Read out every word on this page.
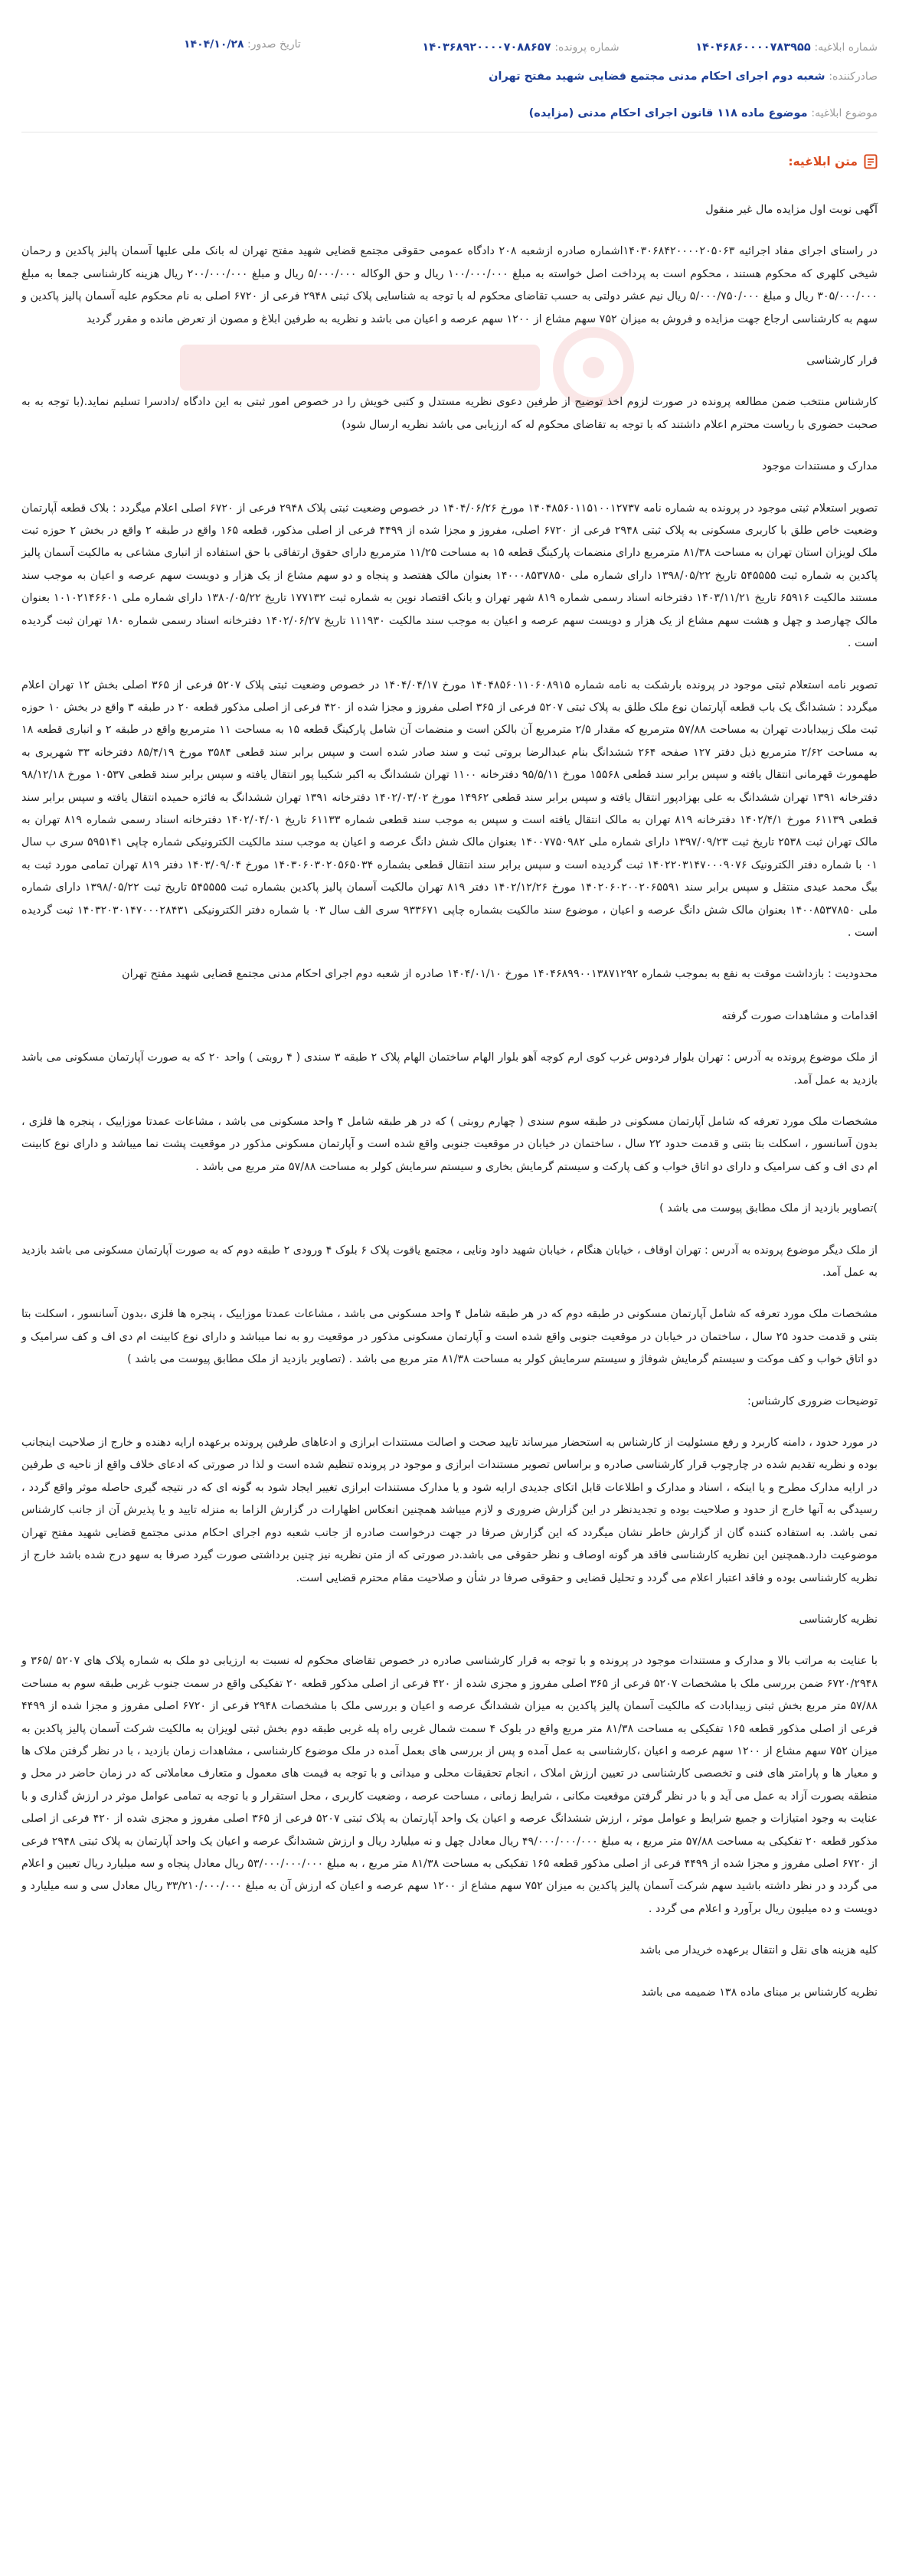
شماره ابلاغیه: ۱۴۰۴۶۸۶۰۰۰۰۷۸۳۹۵۵  شماره پرونده: ۱۴۰۳۶۸۹۲۰۰۰۰۷۰۸۸۶۵۷
تاریخ صدور: ۱۴۰۴/۱۰/۲۸
صادرکننده: شعبه دوم اجرای احکام مدنی مجتمع قضایی شهید مفتح تهران
موضوع ابلاغیه: موضوع ماده ۱۱۸ قانون اجرای احکام مدنی (مزایده)
متن ابلاغیه:

آگهی نوبت اول مزایده مال غیر منقول

در راستای اجرای مفاد اجرائیه ۱۴۰۳۰۶۸۴۲۰۰۰۰۲۰۵۰۶۳اشماره صادره ازشعبه ۲۰۸ دادگاه عمومی حقوقی مجتمع قضایی شهید مفتح تهران له بانک ملی علیها آسمان پالیز پاکدین و رحمان شیخی کلهری که محکوم هستند ، محکوم است به پرداخت اصل خواسته به مبلغ ۱۰۰/۰۰۰/۰۰۰ ریال و حق الوکاله ۵/۰۰۰/۰۰۰ ریال و مبلغ ۲۰۰/۰۰۰/۰۰۰ ریال هزینه کارشناسی جمعا به مبلغ ۳۰۵/۰۰۰/۰۰۰ ریال و مبلغ ۵/۰۰۰/۷۵۰/۰۰۰ ریال نیم عشر دولتی به حسب تقاضای محکوم له با توجه به شناسایی پلاک ثبتی ۲۹۴۸ فرعی از ۶۷۲۰ اصلی به نام محکوم علیه آسمان پالیز پاکدین و سهم به کارشناسی ارجاع جهت مزایده و فروش به میزان ۷۵۲ سهم مشاع از ۱۲۰۰ سهم عرصه و اعیان می باشد و نظریه به طرفین ابلاغ و مصون از تعرض مانده و مقرر گردید

قرار کارشناسی

کارشناس منتخب ضمن مطالعه پرونده در صورت لزوم اخذ توضیح از طرفین دعوی نظریه مستدل و کتبی خویش را در خصوص امور ثبتی به این دادگاه /دادسرا تسلیم نماید.(با توجه به به صحبت حضوری با ریاست محترم اعلام داشتند که با توجه به تقاضای محکوم له که ارزیابی می باشد نظریه ارسال شود)

مدارک و مستندات موجود

تصویر استعلام ثبتی موجود در پرونده به شماره نامه ۱۴۰۴۸۵۶۰۱۱۵۱۰۰۱۲۷۳۷ مورخ ۱۴۰۴/۰۶/۲۶ در خصوص وضعیت ثبتی پلاک ۲۹۴۸ فرعی از ۶۷۲۰ اصلی اعلام میگردد : بلاک قطعه آپارتمان وضعیت خاص طلق با کاربری مسکونی به پلاک ثبتی ۲۹۴۸ فرعی از ۶۷۲۰ اصلی، مفروز و مجزا شده از ۴۴۹۹ فرعی از اصلی مذکور، قطعه ۱۶۵ واقع در طبقه ۲ واقع در بخش ۲ حوزه ثبت ملک لویزان استان تهران به مساحت ۸۱/۳۸ مترمربع دارای منضمات پارکینگ قطعه ۱۵ به مساحت ۱۱/۲۵ مترمربع دارای حقوق ارتفاقی با حق استفاده از انباری مشاعی به مالکیت آسمان پالیز پاکدین به شماره ثبت ۵۴۵۵۵۵ تاریخ ۱۳۹۸/۰۵/۲۲ دارای شماره ملی ۱۴۰۰۰۸۵۳۷۸۵۰ بعنوان مالک هفتصد و پنجاه و دو سهم مشاع از یک هزار و دویست سهم عرصه و اعیان به موجب سند مستند مالکیت ۶۵۹۱۶ تاریخ ۱۴۰۳/۱۱/۲۱ دفترخانه اسناد رسمی شماره ۸۱۹ شهر تهران و بانک اقتصاد نوین به شماره ثبت ۱۷۷۱۳۲ تاریخ ۱۳۸۰/۰۵/۲۲ دارای شماره ملی ۱۰۱۰۲۱۴۶۶۰۱ بعنوان مالک چهارصد و چهل و هشت سهم مشاع از یک هزار و دویست سهم عرصه و اعیان به موجب سند مالکیت ۱۱۱۹۳۰ تاریخ ۱۴۰۲/۰۶/۲۷ دفترخانه اسناد رسمی شماره ۱۸۰ تهران ثبت گردیده است .

تصویر نامه استعلام ثبتی موجود در پرونده بارشکت به نامه شماره ۱۴۰۴۸۵۶۰۱۱۰۶۰۸۹۱۵ مورخ ۱۴۰۴/۰۴/۱۷ در خصوص وضعیت ثبتی پلاک ۵۲۰۷ فرعی از ۳۶۵ اصلی بخش ۱۲ تهران اعلام میگردد : ششدانگ یک باب قطعه آپارتمان نوع ملک طلق به پلاک ثبتی ۵۲۰۷ فرعی از ۳۶۵ اصلی مفروز و مجزا شده از ۴۲۰ فرعی از اصلی مذکور قطعه ۲۰ در طبقه ۳ واقع در بخش ۱۰ حوزه ثبت ملک زبیدابادت تهران به مساحت ۵۷/۸۸ مترمربع که مقدار ۲/۵ مترمربع آن بالکن است و منضمات آن شامل پارکینگ قطعه ۱۵ به مساحت ۱۱ مترمربع واقع در طبقه ۲ و انباری قطعه ۱۸ به مساحت ۲/۶۲ مترمربع ذیل دفتر ۱۲۷ صفحه ۲۶۴ ششدانگ بنام عبدالرضا بروتی ثبت و سند صادر شده است و سپس برابر سند قطعی ۳۵۸۴ مورخ ۸۵/۴/۱۹ دفترخانه ۳۳ شهریری به طهمورث قهرمانی انتقال یافته و سپس برابر سند قطعی ۱۵۵۶۸ مورخ ۹۵/۵/۱۱ دفترخانه ۱۱۰۰ تهران ششدانگ به اکبر شکیبا پور انتقال یافته و سپس برابر سند قطعی ۱۰۵۳۷ مورخ ۹۸/۱۲/۱۸ دفترخانه ۱۳۹۱ تهران ششدانگ به علی بهزادپور انتقال یافته و سپس برابر سند قطعی ۱۴۹۶۲ مورخ ۱۴۰۲/۰۳/۰۲ دفترخانه ۱۳۹۱ تهران ششدانگ به فائزه حمیده انتقال یافته و سپس برابر سند قطعی ۶۱۱۳۹ مورخ ۱۴۰۲/۴/۱ دفترخانه ۸۱۹ تهران به مالک انتقال یافته است و سپس به موجب سند قطعی شماره ۶۱۱۳۳ تاریخ ۱۴۰۲/۰۴/۰۱ دفترخانه اسناد رسمی شماره ۸۱۹ تهران به مالک تهران ثبت ۲۵۳۸ تاریخ ثبت ۱۳۹۷/۰۹/۲۳ دارای شماره ملی ۱۴۰۰۷۷۵۰۹۸۲ بعنوان مالک شش دانگ عرصه و اعیان به موجب سند مالکیت الکترونیکی شماره چاپی ۵۹۵۱۴۱ سری ب سال ۰۱ با شماره دفتر الکترونیک ۱۴۰۲۲۰۳۱۴۷۰۰۰۹۰۷۶ ثبت گردیده است و سپس برابر سند انتقال قطعی بشماره ۱۴۰۳۰۶۰۳۰۲۰۵۶۵۰۳۴ مورخ ۱۴۰۳/۰۹/۰۴ دفتر ۸۱۹ تهران تمامی مورد ثبت به بیگ محمد عیدی منتقل و سپس برابر سند ۱۴۰۲۰۶۰۲۰۰۲۰۶۵۵۹۱ مورخ ۱۴۰۲/۱۲/۲۶ دفتر ۸۱۹ تهران مالکیت آسمان پالیز پاکدین بشماره ثبت ۵۴۵۵۵۵ تاریخ ثبت ۱۳۹۸/۰۵/۲۲ دارای شماره ملی ۱۴۰۰۸۵۳۷۸۵۰ بعنوان مالک شش دانگ عرصه و اعیان ، موضوع سند مالکیت بشماره چاپی ۹۳۳۶۷۱ سری الف سال ۰۳ با شماره دفتر الکترونیکی ۱۴۰۳۲۰۳۰۱۴۷۰۰۰۲۸۴۳۱ ثبت گردیده است .

محدودیت : بازداشت موقت به نفع به بموجب شماره ۱۴۰۴۶۸۹۹۰۰۱۳۸۷۱۲۹۲ مورخ ۱۴۰۴/۰۱/۱۰ صادره از شعبه دوم اجرای احکام مدنی مجتمع قضایی شهید مفتح تهران

اقدامات و مشاهدات صورت گرفته

از ملک موضوع پرونده به آدرس : تهران بلوار فردوس غرب کوی ارم کوچه آهو بلوار الهام ساختمان الهام پلاک ۲ طبقه ۳ سندی ( ۴ روبتی ) واحد ۲۰ که به صورت آپارتمان مسکونی می باشد بازدید به عمل آمد.

مشخصات ملک مورد تعرفه که شامل آپارتمان مسکونی در طبقه سوم سندی ( چهارم روبتی ) که در هر طبقه شامل ۴ واحد مسکونی می باشد ، مشاعات عمدتا موزاییک ، پنجره ها فلزی ، بدون آسانسور ، اسکلت بتا بتنی و قدمت حدود ۲۲ سال ، ساختمان در خیابان در موقعیت جنوبی واقع شده است و آپارتمان مسکونی مذکور در موقعیت پشت نما میباشد و دارای نوع کابینت ام دی اف و کف سرامیک و دارای دو اتاق خواب و کف پارکت و سیستم گرمایش بخاری و سیستم سرمایش کولر به مساحت ۵۷/۸۸ متر مربع می باشد .

)تصاویر بازدید از ملک مطابق پیوست می باشد )

از ملک دیگر موضوع پرونده به آدرس : تهران اوقاف ، خیابان هنگام ، خیابان شهید داود ونایی ، مجتمع یاقوت پلاک ۶ بلوک ۴ ورودی ۲ طبقه دوم که به صورت آپارتمان مسکونی می باشد بازدید به عمل آمد.

مشخصات ملک مورد تعرفه که شامل آپارتمان مسکونی در طبقه دوم که در هر طبقه شامل ۴ واحد مسکونی می باشد ، مشاعات عمدتا موزاییک ، پنجره ها فلزی ،بدون آسانسور ، اسکلت بتا بتنی و قدمت حدود ۲۵ سال ، ساختمان در خیابان در موقعیت جنوبی واقع شده است و آپارتمان مسکونی مذکور در موقعیت رو به نما میباشد و دارای نوع کابینت ام دی اف و کف سرامیک و دو اتاق خواب و کف موکت و سیستم گرمایش شوفاژ و سیستم سرمایش کولر به مساحت ۸۱/۳۸ متر مربع می باشد . (تصاویر بازدید از ملک مطابق پیوست می باشد )

توضیحات ضروری کارشناس:

در مورد حدود ، دامنه کاربرد و رفع مسئولیت از کارشناس به استحضار میرساند تایید صحت و اصالت مستندات ابرازی و ادعاهای طرفین پرونده برعهده ارایه دهنده و خارج از صلاحیت اینجانب بوده و نظریه تقدیم شده در چارچوب قرار کارشناسی صادره و براساس تصویر مستندات ابرازی و موجود در پرونده تنظیم شده است و لذا در صورتی که ادعای خلاف واقع از ناحیه ی طرفین در ارایه مدارک مطرح و یا اینکه ، اسناد و مدارک و اطلاعات قابل اتکای جدیدی ارایه شود و یا مدارک مستندات ابرازی تغییر ایجاد شود به گونه ای که در نتیجه گیری حاصله موثر واقع گردد ، رسیدگی به آنها خارج از حدود و صلاحیت بوده و تجدیدنظر در این گزارش ضروری و لازم میباشد همچنین انعکاس اظهارات در گزارش الزاما به منزله تایید و یا پذیرش آن از جانب کارشناس نمی باشد. به استفاده کننده گان از گزارش خاطر نشان میگردد که این گزارش صرفا در جهت درخواست صادره از جانب شعبه دوم اجرای احکام مدنی مجتمع قضایی شهید مفتح تهران موضوعیت دارد.همچنین این نظریه کارشناسی فاقد هر گونه اوصاف و نظر حقوقی می باشد.در صورتی که از متن نظریه نیز چنین برداشتی صورت گیرد صرفا به سهو درج شده باشد خارج از نظریه کارشناسی بوده و فاقد اعتبار اعلام می گردد و تحلیل قضایی و حقوقی صرفا در شأن و صلاحیت مقام محترم قضایی است.

نظریه کارشناسی

با عنایت به مراتب بالا و مدارک و مستندات موجود در پرونده و با توجه به قرار کارشناسی صادره در خصوص تقاضای محکوم له نسبت به ارزیابی دو ملک به شماره پلاک های ۵۲۰۷ /۳۶۵ و ۶۷۲۰/۲۹۴۸ ضمن بررسی ملک با مشخصات ۵۲۰۷ فرعی از ۳۶۵ اصلی مفروز و مجزی شده از ۴۲۰ فرعی از اصلی مذکور قطعه ۲۰ تفکیکی واقع در سمت جنوب غربی طبقه سوم به مساحت ۵۷/۸۸ متر مربع بخش ثبتی زبیدابادت که مالکیت آسمان پالیز پاکدین به میزان ششدانگ عرصه و اعیان و بررسی ملک با مشخصات ۲۹۴۸ فرعی از ۶۷۲۰ اصلی مفروز و مجزا شده از ۴۴۹۹ فرعی از اصلی مذکور قطعه ۱۶۵ تفکیکی به مساحت ۸۱/۳۸ متر مربع واقع در بلوک ۴ سمت شمال غربی راه پله غربی طبقه دوم بخش ثبتی لویزان به مالکیت شرکت آسمان پالیز پاکدین به میزان ۷۵۲ سهم مشاع از ۱۲۰۰ سهم عرصه و اعیان ،کارشناسی به عمل آمده و پس از بررسی های بعمل آمده در ملک موضوع کارشناسی ، مشاهدات زمان بازدید ، با در نظر گرفتن ملاک ها و معیار ها و پارامتر های فنی و تخصصی کارشناسی در تعیین ارزش املاک ، انجام تحقیقات محلی و میدانی و با توجه به قیمت های معمول و متعارف معاملاتی که در زمان حاضر در محل و منطقه بصورت آزاد به عمل می آید و با در نظر گرفتن موقعیت مکانی ، شرایط زمانی ، مساحت عرصه ، وضعیت کاربری ، محل استقرار و با توجه به تمامی عوامل موثر در ارزش گذاری و با عنایت به وجود امتیازات و جمیع شرایط و عوامل موثر ، ارزش ششدانگ عرصه و اعیان یک واحد آپارتمان به پلاک ثبتی ۵۲۰۷ فرعی از ۳۶۵ اصلی مفروز و مجزی شده از ۴۲۰ فرعی از اصلی مذکور قطعه ۲۰ تفکیکی به مساحت ۵۷/۸۸ متر مربع ، به مبلغ ۴۹/۰۰۰/۰۰۰/۰۰۰ ریال معادل چهل و نه میلیارد ریال و ارزش ششدانگ عرصه و اعیان یک واحد آپارتمان به پلاک ثبتی ۲۹۴۸ فرعی از ۶۷۲۰ اصلی مفروز و مجزا شده از ۴۴۹۹ فرعی از اصلی مذکور قطعه ۱۶۵ تفکیکی به مساحت ۸۱/۳۸ متر مربع ، به مبلغ ۵۳/۰۰۰/۰۰۰/۰۰۰ ریال معادل پنجاه و سه میلیارد ریال تعیین و اعلام می گردد و در نظر داشته باشید سهم شرکت آسمان پالیز پاکدین به میزان ۷۵۲ سهم مشاع از ۱۲۰۰ سهم عرصه و اعیان که ارزش آن به مبلغ ۳۳/۲۱۰/۰۰۰/۰۰۰ ریال معادل سی و سه میلیارد و دویست و ده میلیون ریال برآورد و اعلام می گردد .

کلیه هزینه های نقل و انتقال برعهده خریدار می باشد

نظریه کارشناس بر مبنای ماده ۱۳۸ ضمیمه می باشد
